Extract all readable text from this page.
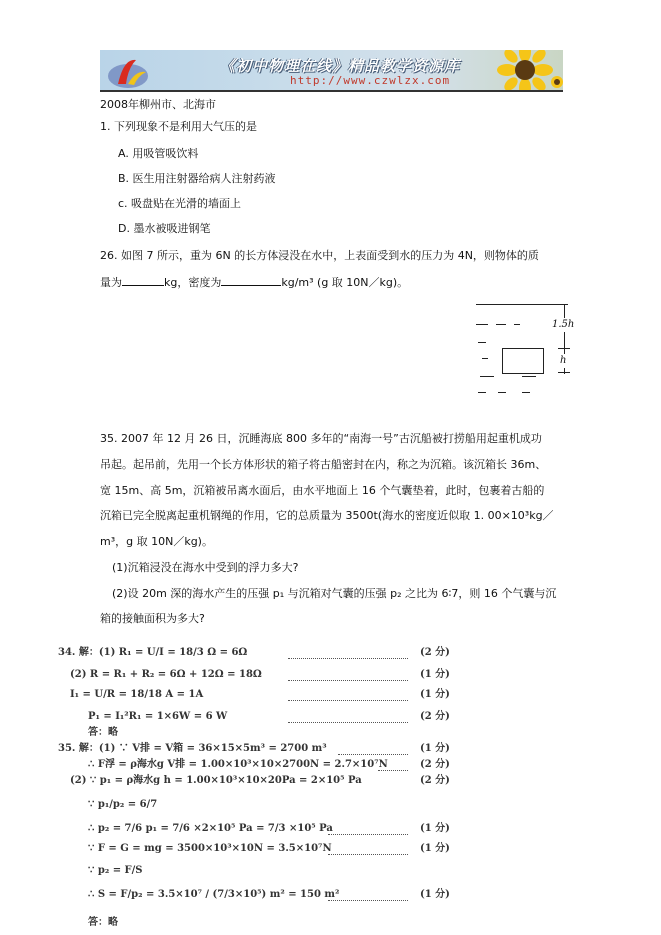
《初中物理在线》精品教学资源库
http://www.czwlzx.com
2008年柳州市、北海市
1. 下列现象不是利用大气压的是
A. 用吸管吸饮料
B. 医生用注射器给病人注射药液
c. 吸盘贴在光滑的墙面上
D. 墨水被吸进钢笔
26. 如图 7 所示，重为 6N 的长方体浸没在水中，上表面受到水的压力为 4N，则物体的质
量为	kg，密度为	kg/m³ (g 取 10N／kg)。
1.5h
h
35. 2007 年 12 月 26 日，沉睡海底 800 多年的“南海一号”古沉船被打捞船用起重机成功
吊起。起吊前，先用一个长方体形状的箱子将古船密封在内，称之为沉箱。该沉箱长 36m、
宽 15m、高 5m，沉箱被吊离水面后，由水平地面上 16 个气囊垫着，此时，包裹着古船的
沉箱已完全脱离起重机钢绳的作用，它的总质量为 3500t(海水的密度近似取 1. 00×10³kg／
m³，g 取 10N／kg)。
(1)沉箱浸没在海水中受到的浮力多大?
(2)设 20m 深的海水产生的压强 p₁ 与沉箱对气囊的压强 p₂ 之比为 6∶7，则 16 个气囊与沉
箱的接触面积为多大?
34. 解：(1) R₁ = U/I = 18/3 Ω = 6Ω	(2 分)
(2) R = R₁ + R₂ = 6Ω + 12Ω = 18Ω	(1 分)
I₁ = U/R = 18/18 A = 1A	(1 分)
P₁ = I₁²R₁ = 1×6W = 6 W	(2 分)
答：略
35. 解：(1) ∵ V排 = V箱 = 36×15×5m³ = 2700 m³	(1 分)
∴ F浮 = ρ海水g V排 = 1.00×10³×10×2700N = 2.7×10⁷N	(2 分)
(2) ∵ p₁ = ρ海水g h = 1.00×10³×10×20Pa = 2×10⁵ Pa	(2 分)
∵ p₁/p₂ = 6/7
∴ p₂ = 7/6 p₁ = 7/6 ×2×10⁵ Pa = 7/3 ×10⁵ Pa	(1 分)
∵ F = G = mg = 3500×10³×10N = 3.5×10⁷N	(1 分)
∵ p₂ = F/S
∴ S = F/p₂ = 3.5×10⁷ / (7/3×10⁵) m² = 150 m²	(1 分)
答：略
